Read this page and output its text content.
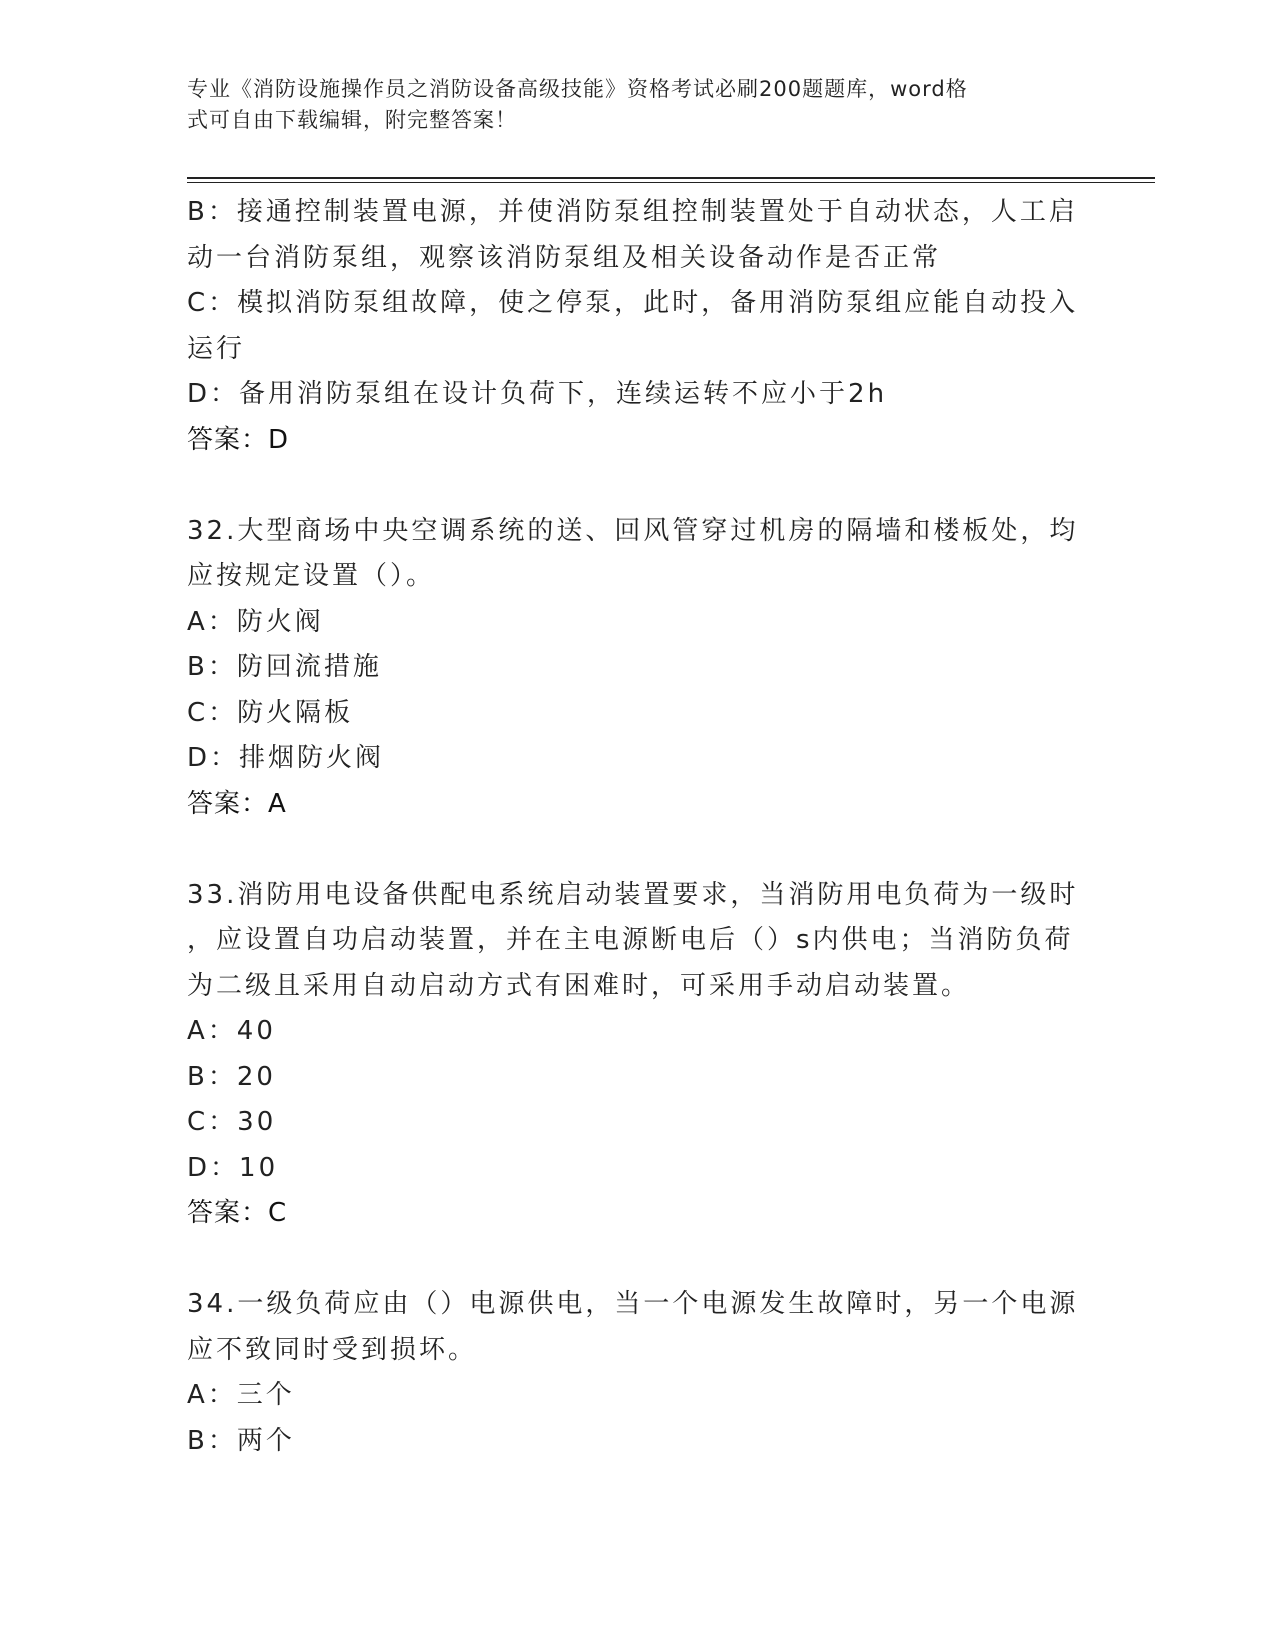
专业《消防设施操作员之消防设备高级技能》资格考试必刷200题题库，word格
式可自由下载编辑，附完整答案！
B：接通控制装置电源，并使消防泵组控制装置处于自动状态，人工启
动一台消防泵组，观察该消防泵组及相关设备动作是否正常
C：模拟消防泵组故障，使之停泵，此时，备用消防泵组应能自动投入
运行
D：备用消防泵组在设计负荷下，连续运转不应小于2h
答案：D
32.大型商场中央空调系统的送、回风管穿过机房的隔墙和楼板处，均
应按规定设置（）。
A：防火阀
B：防回流措施
C：防火隔板
D：排烟防火阀
答案：A
33.消防用电设备供配电系统启动装置要求，当消防用电负荷为一级时
，应设置自功启动装置，并在主电源断电后（）s内供电；当消防负荷
为二级且采用自动启动方式有困难时，可采用手动启动装置。
A：40
B：20
C：30
D：10
答案：C
34.一级负荷应由（）电源供电，当一个电源发生故障时，另一个电源
应不致同时受到损坏。
A：三个
B：两个
